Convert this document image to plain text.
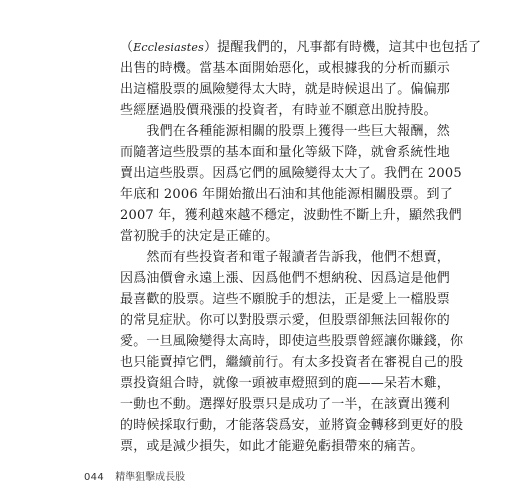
（Ecclesiastes）提醒我們的，凡事都有時機，這其中也包括了
出售的時機。當基本面開始惡化，或根據我的分析而顯示
出這檔股票的風險變得太大時，就是時候退出了。偏偏那
些經歷過股價飛漲的投資者，有時並不願意出脫持股。
　　我們在各種能源相關的股票上獲得一些巨大報酬，然
而隨著這些股票的基本面和量化等級下降，就會系統性地
賣出這些股票。因爲它們的風險變得太大了。我們在 2005
年底和 2006 年開始撤出石油和其他能源相關股票。到了
2007 年，獲利越來越不穩定，波動性不斷上升，顯然我們
當初脫手的決定是正確的。
　　然而有些投資者和電子報讀者告訴我，他們不想賣，
因爲油價會永遠上漲、因爲他們不想納稅、因爲這是他們
最喜歡的股票。這些不願脫手的想法，正是愛上一檔股票
的常見症狀。你可以對股票示愛，但股票卻無法回報你的
愛。一旦風險變得太高時，即使這些股票曾經讓你賺錢，你
也只能賣掉它們，繼續前行。有太多投資者在審視自己的股
票投資組合時，就像一頭被車燈照到的鹿——呆若木雞，
一動也不動。選擇好股票只是成功了一半，在該賣出獲利
的時候採取行動，才能落袋爲安，並將資金轉移到更好的股
票，或是減少損失，如此才能避免虧損帶來的痛苦。
044 精準狙擊成長股
